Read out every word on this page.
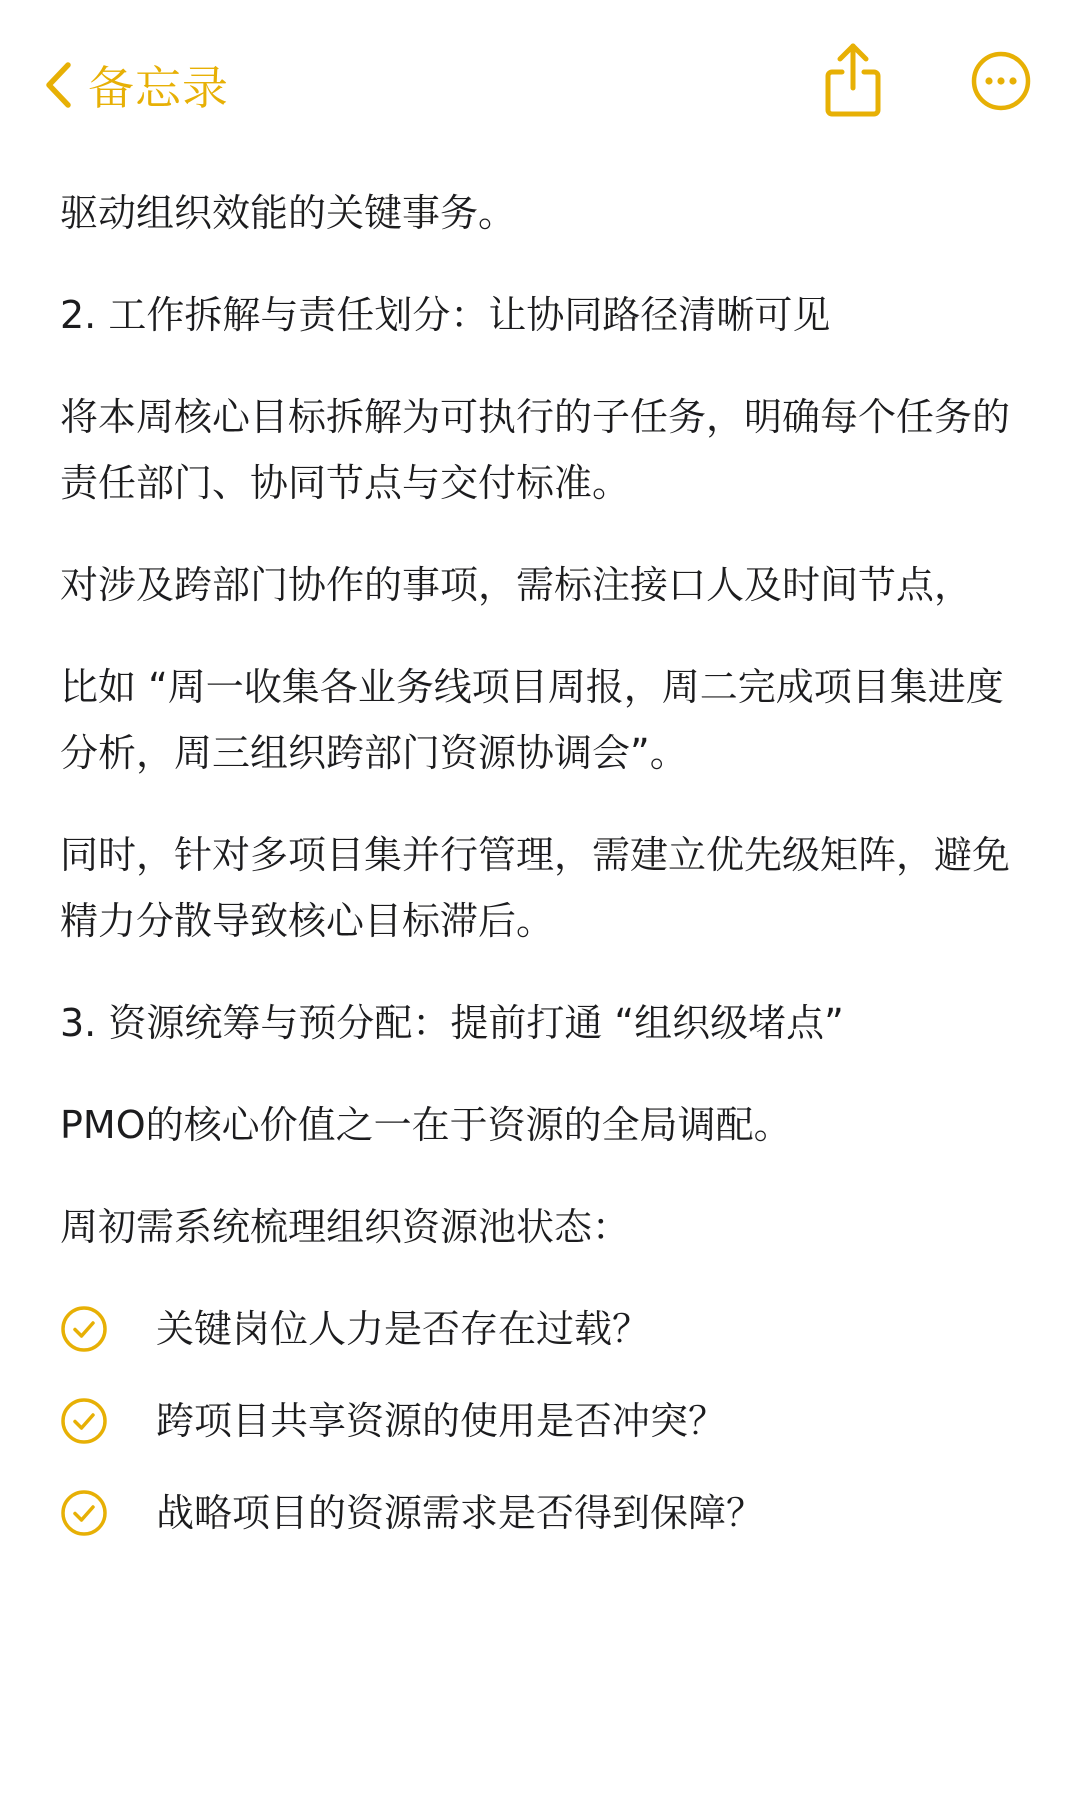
备忘录

驱动组织效能的关键事务。

2. 工作拆解与责任划分：让协同路径清晰可见

将本周核心目标拆解为可执行的子任务，明确每个任务的责任部门、协同节点与交付标准。

对涉及跨部门协作的事项，需标注接口人及时间节点，

比如 “周一收集各业务线项目周报，周二完成项目集进度分析，周三组织跨部门资源协调会”。

同时，针对多项目集并行管理，需建立优先级矩阵，避免精力分散导致核心目标滞后。

3. 资源统筹与预分配：提前打通 “组织级堵点”

PMO的核心价值之一在于资源的全局调配。

周初需系统梳理组织资源池状态：

关键岗位人力是否存在过载？
跨项目共享资源的使用是否冲突？
战略项目的资源需求是否得到保障？
